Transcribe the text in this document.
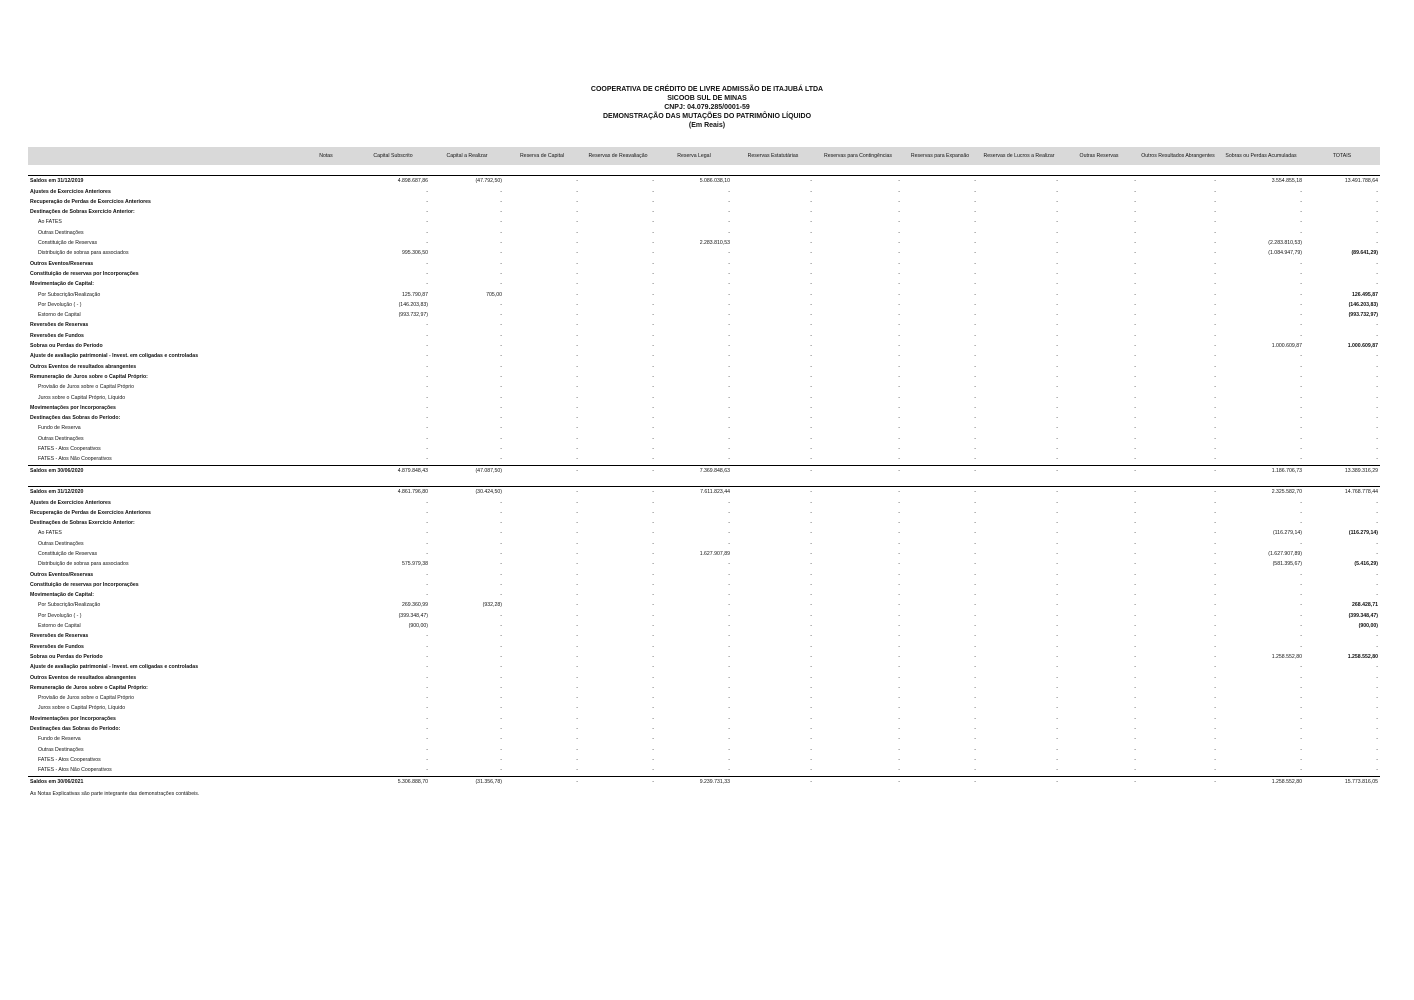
COOPERATIVA DE CRÉDITO DE LIVRE ADMISSÃO DE ITAJUBÁ LTDA
SICOOB SUL DE MINAS
CNPJ: 04.079.285/0001-59
DEMONSTRAÇÃO DAS MUTAÇÕES DO PATRIMÔNIO LÍQUIDO
(Em Reais)
	Notas	Capital Subscrito	Capital a Realizar	Reserva de Capital	Reservas de Reavaliação	Reserva Legal	Reservas Estatutárias	Reservas para Contingências	Reservas para Expansão	Reservas de Lucros a Realizar	Outras Reservas	Outros Resultados Abrangentes	Sobras ou Perdas Acumuladas	TOTAIS

Saldos em 31/12/2019		4.898.687,86	(47.792,50)	-	-	5.086.038,10	-	-	-	-	-	-	3.554.855,18	13.491.788,64
Ajustes de Exercícios Anteriores		-	-	-	-	-	-	-	-	-	-	-	-	-
Recuperação de Perdas de Exercícios Anteriores		-	-	-	-	-	-	-	-	-	-	-	-	-
Destinações de Sobras Exercício Anterior:		-	-	-	-	-	-	-	-	-	-	-	-	-
Ao FATES		-	-	-	-	-	-	-	-	-	-	-	-	-
Outras Destinações		-	-	-	-	-	-	-	-	-	-	-	-	-
Constituição de Reservas		-	-	-	-	2.283.810,53	-	-	-	-	-	-	(2.283.810,53)	-
Distribuição de sobras para associados		995.306,50	-	-	-	-	-	-	-	-	-	-	(1.084.947,79)	(89.641,29)
Outros Eventos/Reservas		-	-	-	-	-	-	-	-	-	-	-	-	-
Constituição de reservas por Incorporações		-	-	-	-	-	-	-	-	-	-	-	-	-
Movimentação de Capital:		-	-	-	-	-	-	-	-	-	-	-	-	-
Por Subscrição/Realização		125.790,87	705,00	-	-	-	-	-	-	-	-	-	-	126.495,87
Por Devolução ( - )		(146.203,83)	-	-	-	-	-	-	-	-	-	-	-	(146.203,83)
Estorno de Capital		(993.732,97)	-	-	-	-	-	-	-	-	-	-	-	(993.732,97)
Reversões de Reservas		-	-	-	-	-	-	-	-	-	-	-	-	-
Reversões de Fundos		-	-	-	-	-	-	-	-	-	-	-	-	-
Sobras ou Perdas do Período		-	-	-	-	-	-	-	-	-	-	-	1.000.609,87	1.000.609,87
Ajuste de avaliação patrimonial - Invest. em coligadas e controladas		-	-	-	-	-	-	-	-	-	-	-	-	-
Outros Eventos de resultados abrangentes		-	-	-	-	-	-	-	-	-	-	-	-	-
Remuneração de Juros sobre o Capital Próprio:		-	-	-	-	-	-	-	-	-	-	-	-	-
Provisão de Juros sobre o Capital Próprio		-	-	-	-	-	-	-	-	-	-	-	-	-
Juros sobre o Capital Próprio, Líquido		-	-	-	-	-	-	-	-	-	-	-	-	-
Movimentações por Incorporações		-	-	-	-	-	-	-	-	-	-	-	-	-
Destinações das Sobras do Período:		-	-	-	-	-	-	-	-	-	-	-	-	-
Fundo de Reserva		-	-	-	-	-	-	-	-	-	-	-	-	-
Outras Destinações		-	-	-	-	-	-	-	-	-	-	-	-	-
FATES - Atos Cooperativos		-	-	-	-	-	-	-	-	-	-	-	-	-
FATES - Atos Não Cooperativos		-	-	-	-	-	-	-	-	-	-	-	-	-
Saldos em 30/06/2020		4.879.848,43	(47.087,50)	-	-	7.369.848,63	-	-	-	-	-	-	1.186.706,73	13.389.316,29

Saldos em 31/12/2020		4.861.796,80	(30.424,50)	-	-	7.611.823,44	-	-	-	-	-	-	2.325.582,70	14.768.778,44
Ajustes de Exercícios Anteriores		-	-	-	-	-	-	-	-	-	-	-	-	-
Recuperação de Perdas de Exercícios Anteriores		-	-	-	-	-	-	-	-	-	-	-	-	-
Destinações de Sobras Exercício Anterior:		-	-	-	-	-	-	-	-	-	-	-	-	-
Ao FATES		-	-	-	-	-	-	-	-	-	-	-	(116.279,14)	(116.279,14)
Outras Destinações		-	-	-	-	-	-	-	-	-	-	-	-	-
Constituição de Reservas		-	-	-	-	1.627.907,89	-	-	-	-	-	-	(1.627.907,89)	-
Distribuição de sobras para associados		575.979,38	-	-	-	-	-	-	-	-	-	-	(581.395,67)	(5.416,29)
Outros Eventos/Reservas		-	-	-	-	-	-	-	-	-	-	-	-	-
Constituição de reservas por Incorporações		-	-	-	-	-	-	-	-	-	-	-	-	-
Movimentação de Capital:		-	-	-	-	-	-	-	-	-	-	-	-	-
Por Subscrição/Realização		269.360,99	(932,28)	-	-	-	-	-	-	-	-	-	-	268.428,71
Por Devolução ( - )		(399.348,47)	-	-	-	-	-	-	-	-	-	-	-	(399.348,47)
Estorno de Capital		(900,00)	-	-	-	-	-	-	-	-	-	-	-	(900,00)
Reversões de Reservas		-	-	-	-	-	-	-	-	-	-	-	-	-
Reversões de Fundos		-	-	-	-	-	-	-	-	-	-	-	-	-
Sobras ou Perdas do Período		-	-	-	-	-	-	-	-	-	-	-	1.258.552,80	1.258.552,80
Ajuste de avaliação patrimonial - Invest. em coligadas e controladas		-	-	-	-	-	-	-	-	-	-	-	-	-
Outros Eventos de resultados abrangentes		-	-	-	-	-	-	-	-	-	-	-	-	-
Remuneração de Juros sobre o Capital Próprio:		-	-	-	-	-	-	-	-	-	-	-	-	-
Provisão de Juros sobre o Capital Próprio		-	-	-	-	-	-	-	-	-	-	-	-	-
Juros sobre o Capital Próprio, Líquido		-	-	-	-	-	-	-	-	-	-	-	-	-
Movimentações por Incorporações		-	-	-	-	-	-	-	-	-	-	-	-	-
Destinações das Sobras do Período:		-	-	-	-	-	-	-	-	-	-	-	-	-
Fundo de Reserva		-	-	-	-	-	-	-	-	-	-	-	-	-
Outras Destinações		-	-	-	-	-	-	-	-	-	-	-	-	-
FATES - Atos Cooperativos		-	-	-	-	-	-	-	-	-	-	-	-	-
FATES - Atos Não Cooperativos		-	-	-	-	-	-	-	-	-	-	-	-	-
Saldos em 30/06/2021		5.306.888,70	(31.356,78)	-	-	9.239.731,33	-	-	-	-	-	-	1.258.552,80	15.773.816,05
As Notas Explicativas são parte integrante das demonstrações contábeis.
